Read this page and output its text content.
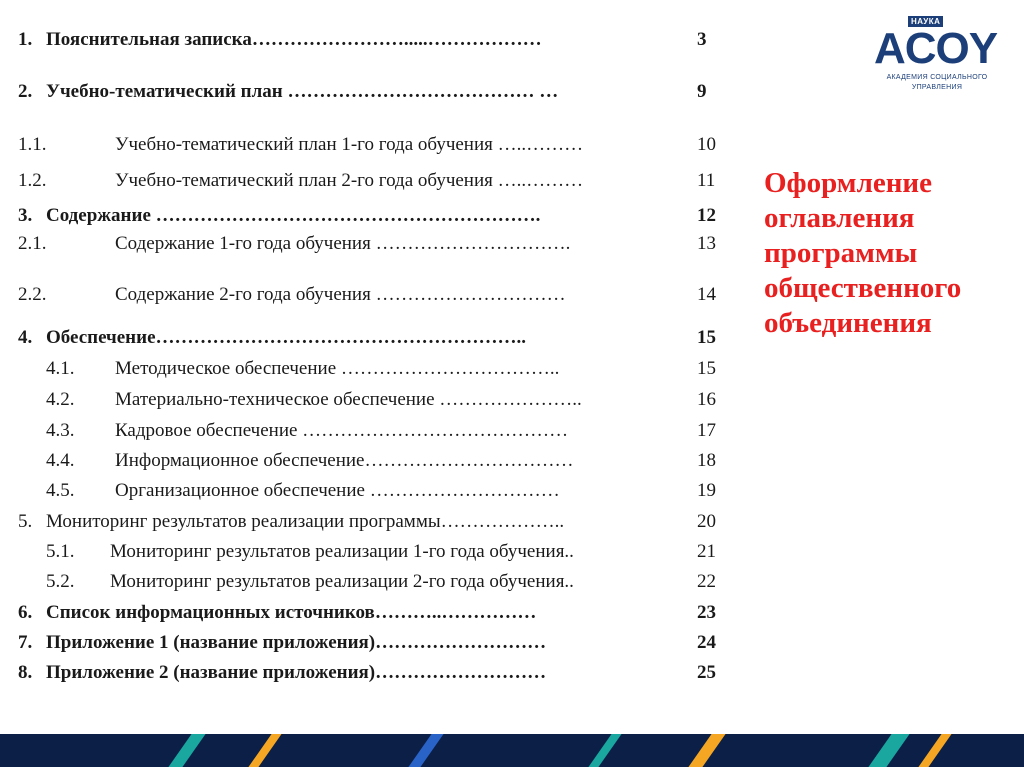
1. Пояснительная записка…………………….....………………	3
2. Учебно-тематический план ………………………………… …	9
1.1.	Учебно-тематический план 1-го года обучения …..………	10
1.2.	Учебно-тематический план 2-го года обучения …..………	11
3. Содержание …………………………………………………….	12
2.1.	Содержание 1-го года обучения ………………………….	13
2.2.	Содержание 2-го года обучения …………………………	14
4. Обеспечение…………………………………………………..	15
4.1. Методическое обеспечение ……………………………..	15
4.2. Материально-техническое обеспечение …………………..	16
4.3. Кадровое обеспечение ……………………………………	17
4.4. Информационное обеспечение……………………………	18
4.5. Организационное обеспечение …………………………	19
5. Мониторинг результатов реализации программы………………..	20
5.1. Мониторинг результатов реализации 1-го года обучения..	21
5.2. Мониторинг результатов реализации 2-го года обучения..	22
6. Список информационных источников………..……………	23
7. Приложение 1 (название приложения)………………………	24
8. Приложение 2 (название приложения)………………………	25
НАУКА
ACOY
АКАДЕМИЯ СОЦИАЛЬНОГО
УПРАВЛЕНИЯ
Оформление оглавления программы общественного объединения
